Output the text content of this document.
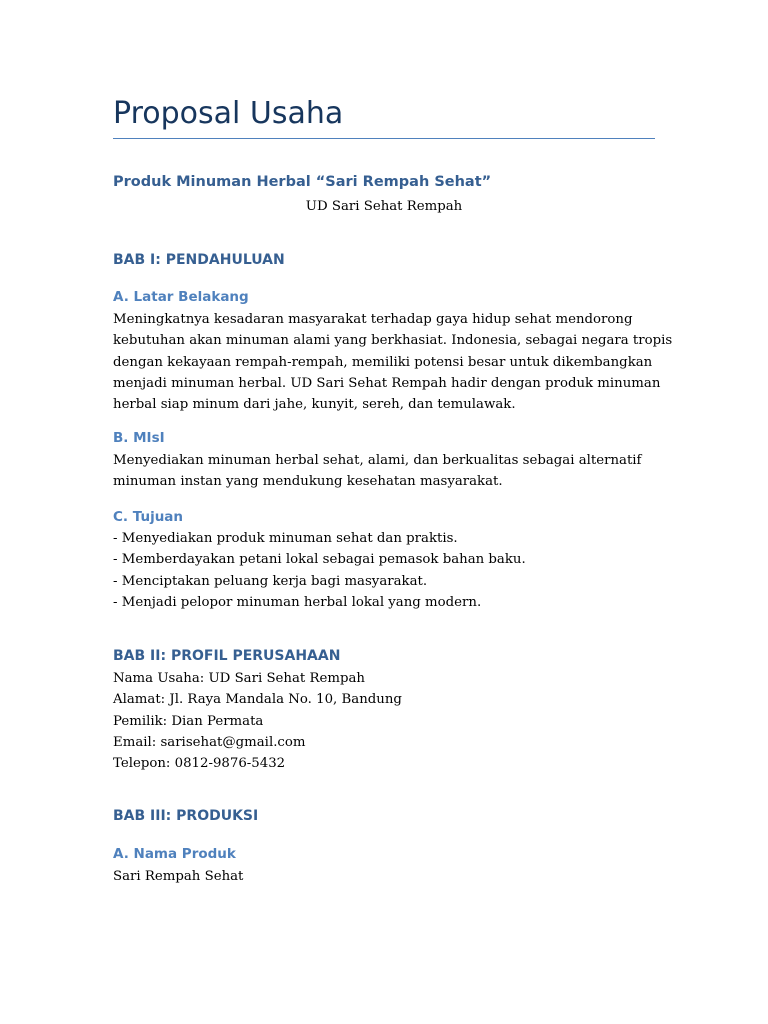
Proposal Usaha

Produk Minuman Herbal “Sari Rempah Sehat”

UD Sari Sehat Rempah

BAB I: PENDAHULUAN
A. Latar Belakang
Meningkatnya kesadaran masyarakat terhadap gaya hidup sehat mendorong
kebutuhan akan minuman alami yang berkhasiat. Indonesia, sebagai negara tropis
dengan kekayaan rempah-rempah, memiliki potensi besar untuk dikembangkan
menjadi minuman herbal. UD Sari Sehat Rempah hadir dengan produk minuman
herbal siap minum dari jahe, kunyit, sereh, dan temulawak.
B. MIsI
Menyediakan minuman herbal sehat, alami, dan berkualitas sebagai alternatif
minuman instan yang mendukung kesehatan masyarakat.
C. Tujuan
- Menyediakan produk minuman sehat dan praktis.
- Memberdayakan petani lokal sebagai pemasok bahan baku.
- Menciptakan peluang kerja bagi masyarakat.
- Menjadi pelopor minuman herbal lokal yang modern.
BAB II: PROFIL PERUSAHAAN
Nama Usaha: UD Sari Sehat Rempah
Alamat: Jl. Raya Mandala No. 10, Bandung
Pemilik: Dian Permata
Email: sarisehat@gmail.com
Telepon: 0812-9876-5432
BAB III: PRODUKSI
A. Nama Produk
Sari Rempah Sehat
